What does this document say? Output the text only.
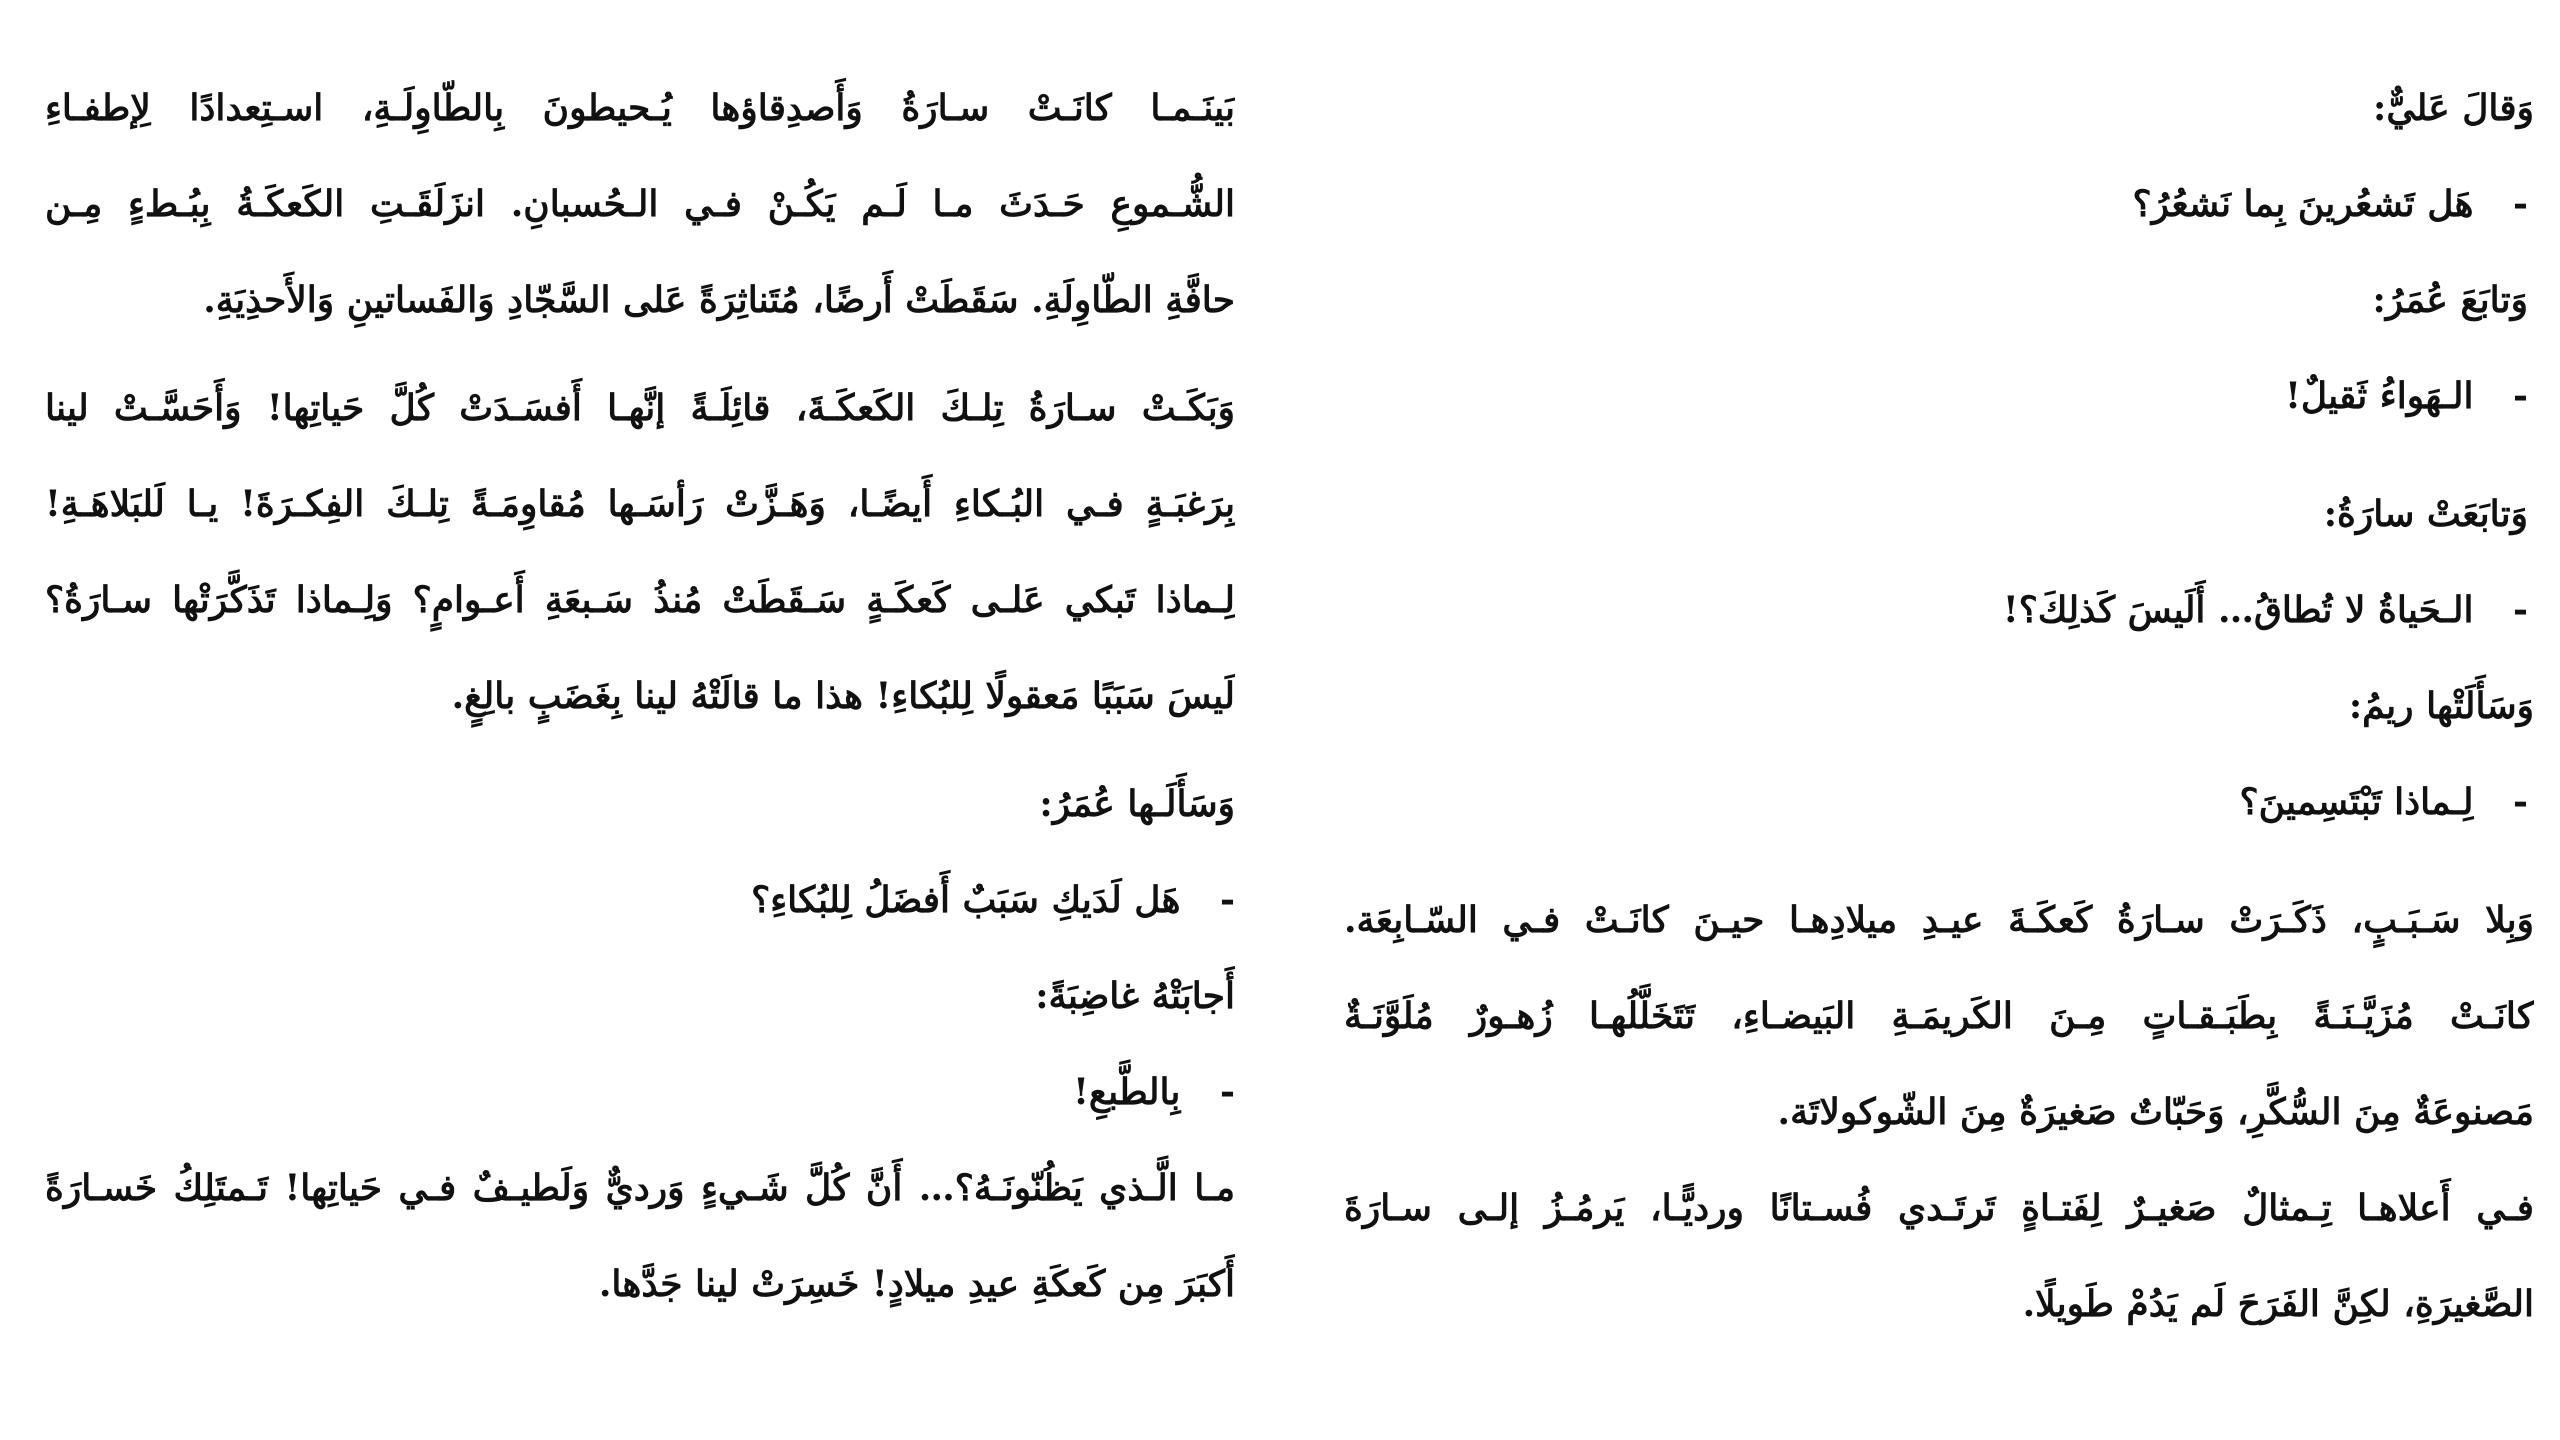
وَقالَ عَليٌّ:
- هَل تَشعُرينَ بِما نَشعُرُ؟
وَتابَعَ عُمَرُ:
- الـهَواءُ ثَقيلٌ!
وَتابَعَتْ سارَةُ:
- الـحَياةُ لا تُطاقُ… أَلَيسَ كَذلِكَ؟!
وَسَأَلَتْها ريمُ:
- لِـماذا تَبْتَسِمينَ؟
وَبِلا سَـبَـبٍ، ذَكَـرَتْ سـارَةُ كَعكَـةَ عيـدِ ميلادِهـا حيـنَ كانَـتْ فـي السّـابِعَة.
كانَـتْ مُزَيَّـنَـةً بِطَبَـقـاتٍ مِـنَ الكَريمَـةِ البَيضـاءِ، تَتَخَلَّلُهـا زُهـورٌ مُلَوَّنَـةٌ
مَصنوعَةٌ مِنَ السُّكَّرِ، وَحَبّاتٌ صَغيرَةٌ مِنَ الشّوكولاتَة.
فـي أَعلاهـا تِـمثالٌ صَغيـرٌ لِفَتـاةٍ تَرتَـدي فُسـتانًا ورديًّـا، يَرمُـزُ إلـى سـارَةَ
الصَّغيرَةِ، لكِنَّ الفَرَحَ لَم يَدُمْ طَويلًا.
بَينَـمـا كانَـتْ سـارَةُ وَأَصدِقاؤها يُـحيطونَ بِالطّاوِلَـةِ، اسـتِعدادًا لِإطفـاءِ
الشُّـموعِ حَـدَثَ مـا لَـم يَكُـنْ فـي الـحُسبانِ. انزَلَقَـتِ الكَعكَـةُ بِبُـطءٍ مِـن
حافَّةِ الطّاوِلَةِ. سَقَطَتْ أَرضًا، مُتَناثِرَةً عَلى السَّجّادِ وَالفَساتينِ وَالأَحذِيَةِ.
وَبَكَـتْ سـارَةُ تِلـكَ الكَعكَـةَ، قائِلَـةً إنَّهـا أَفسَـدَتْ كُلَّ حَياتِها! وَأَحَسَّـتْ لينا
بِرَغبَـةٍ فـي البُـكاءِ أَيضًـا، وَهَـزَّتْ رَأسَـها مُقاوِمَـةً تِلـكَ الفِكـرَةَ! يـا لَلبَلاهَـةِ!
لِـماذا تَبكي عَلـى كَعكَـةٍ سَـقَطَتْ مُنذُ سَـبعَةِ أَعـوامٍ؟ وَلِـماذا تَذَكَّرَتْها سـارَةُ؟
لَيسَ سَبَبًا مَعقولًا لِلبُكاءِ! هذا ما قالَتْهُ لينا بِغَضَبٍ بالِغٍ.
وَسَأَلَـها عُمَرُ:
- هَل لَدَيكِ سَبَبٌ أَفضَلُ لِلبُكاءِ؟
أَجابَتْهُ غاضِبَةً:
- بِالطَّبعِ!
مـا الَّـذي يَظُنّونَـهُ؟… أَنَّ كُلَّ شَـيءٍ وَرديٌّ وَلَطيـفٌ فـي حَياتِها! تَـمتَلِكُ خَسـارَةً
أَكبَرَ مِن كَعكَةِ عيدِ ميلادٍ! خَسِرَتْ لينا جَدَّها.
